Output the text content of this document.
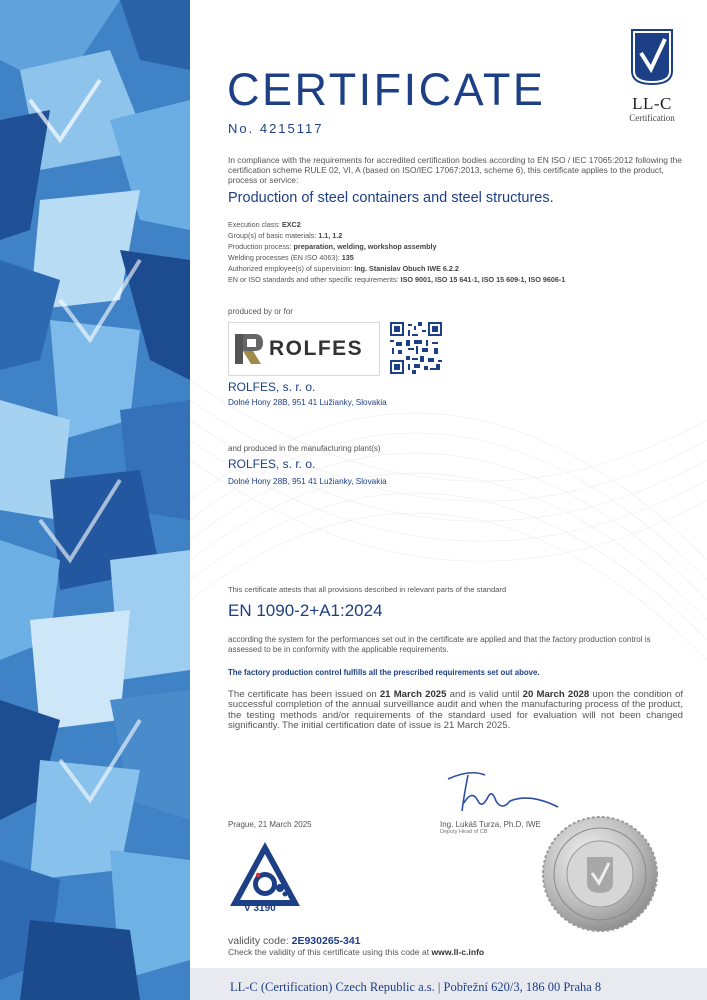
LL-C
Certification
CERTIFICATE
No. 4215117
In compliance with the requirements for accredited certification bodies according to EN ISO / IEC 17065:2012 following the certification scheme RULE 02, VI, A (based on ISO/IEC 17067:2013, scheme 6), this certificate applies to the product, process or service:
Production of steel containers and steel structures.
Execution class: EXC2
Group(s) of basic materials: 1.1, 1.2
Production process: preparation, welding, workshop assembly
Welding processes (EN ISO 4063): 135
Authorized employee(s) of supervision: Ing. Stanislav Obuch IWE 6.2.2
EN or ISO standards and other specific requirements: ISO 9001, ISO 15 641-1, ISO 15 609-1, ISO 9606-1
produced by or for
ROLFES
ROLFES, s. r. o.
Dolné Hony 28B, 951 41 Lužianky, Slovakia
and produced in the manufacturing plant(s)
ROLFES, s. r. o.
Dolné Hony 28B, 951 41 Lužianky, Slovakia
This certificate attests that all provisions described in relevant parts of the standard
EN 1090-2+A1:2024
according the system for the performances set out in the certificate are applied and that the factory production control is assessed to be in conformity with the applicable requirements.
The factory production control fulfills all the prescribed requirements set out above.
The certificate has been issued on 21 March 2025 and is valid until 20 March 2028 upon the condition of successful completion of the annual surveillance audit and when the manufacturing process of the product, the testing methods and/or requirements of the standard used for evaluation will not been changed significantly. The initial certification date of issue is 21 March 2025.
Prague, 21 March 2025	Ing. Lukáš Turza, Ph.D, IWE
Deputy Head of CB
V 3190
validity code: 2E930265-341
Check the validity of this certificate using this code at www.ll-c.info
LL-C (Certification) Czech Republic a.s. | Pobřežní 620/3, 186 00 Praha 8
